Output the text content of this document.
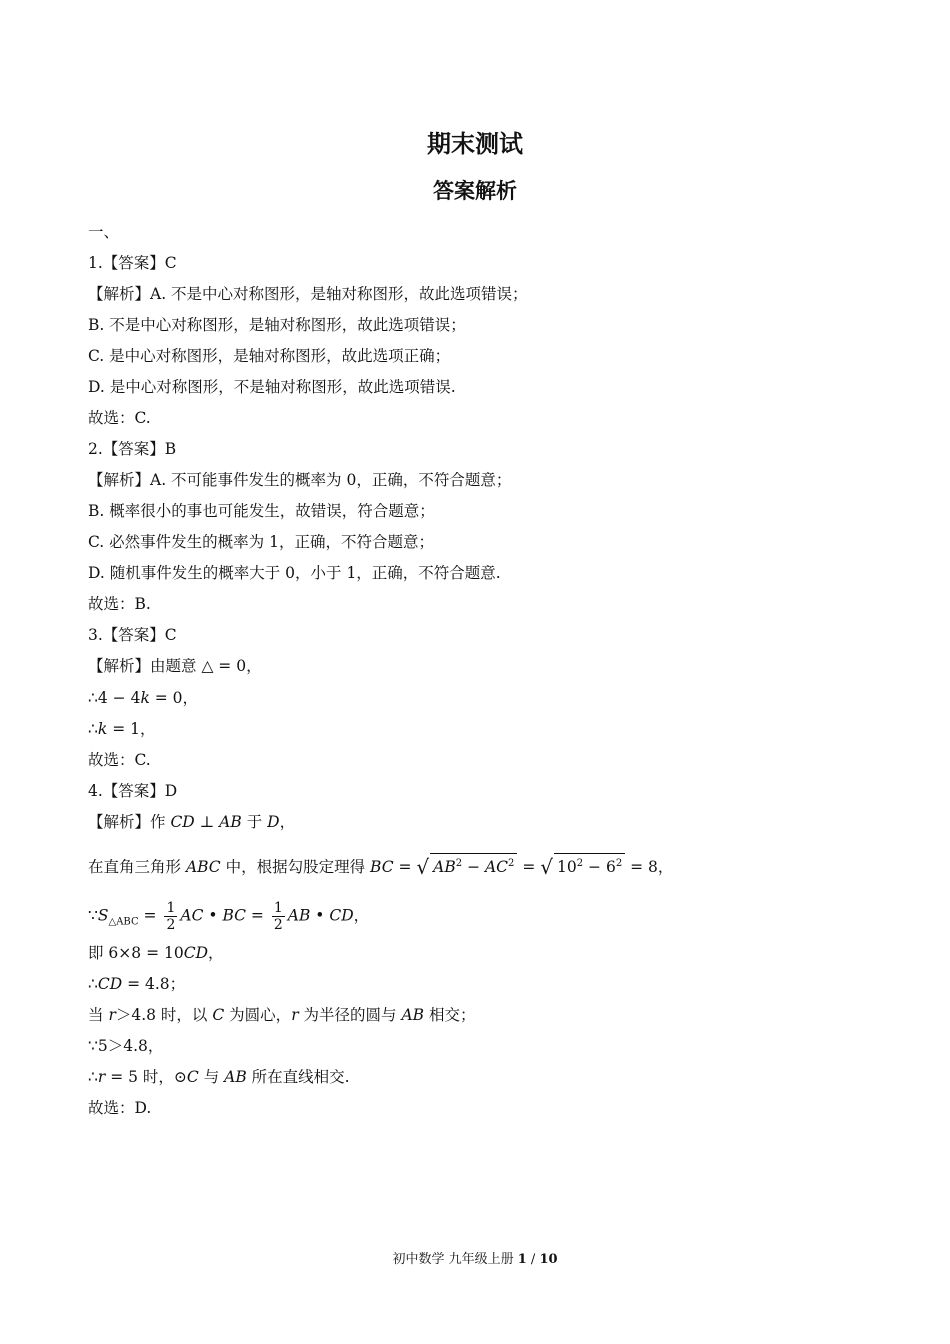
期末测试
答案解析
一、
1.【答案】C
【解析】A. 不是中心对称图形，是轴对称图形，故此选项错误；
B. 不是中心对称图形，是轴对称图形，故此选项错误；
C. 是中心对称图形，是轴对称图形，故此选项正确；
D. 是中心对称图形，不是轴对称图形，故此选项错误.
故选：C.
2.【答案】B
【解析】A. 不可能事件发生的概率为 0，正确，不符合题意；
B. 概率很小的事也可能发生，故错误，符合题意；
C. 必然事件发生的概率为 1，正确，不符合题意；
D. 随机事件发生的概率大于 0，小于 1，正确，不符合题意.
故选：B.
3.【答案】C
【解析】由题意 △ = 0，
∴4 − 4k = 0，
∴k = 1，
故选：C.
4.【答案】D
【解析】作 CD ⊥ AB 于 D，
在直角三角形 ABC 中，根据勾股定理得 BC = √ $AB^2 - AC^2$ = √ $10^2 - 6^2 = 8$，
$\because S_{\triangle ABC} = \frac{1}{2}$ AC • BC = $\frac{1}{2}$ AB • CD，
即 6×8 = 10CD，
∴CD = 4.8；
当 r＞4.8 时，以 C 为圆心，r 为半径的圆与 AB 相交；
∵5＞4.8，
∴r = 5 时，⊙C 与 AB 所在直线相交.
故选：D.
初中数学 九年级上册 1 / 10
